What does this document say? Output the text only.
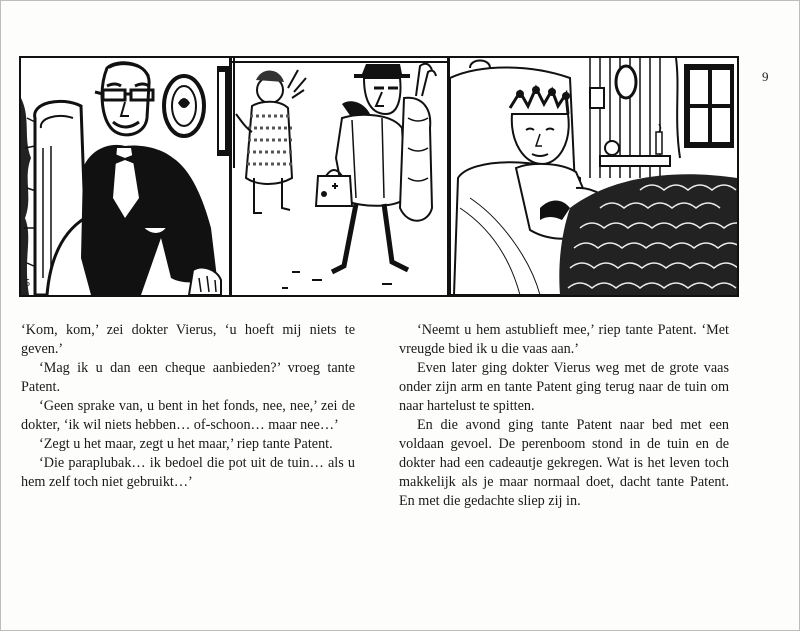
9
5

‘Kom, kom,’ zei dokter Vierus, ‘u hoeft mij niets te geven.’

‘Mag ik u dan een cheque aanbieden?’ vroeg tante Patent.

‘Geen sprake van, u bent in het fonds, nee, nee,’ zei de dokter, ‘ik wil niets hebben… of-schoon… maar nee…’

‘Zegt u het maar, zegt u het maar,’ riep tante Patent.

‘Die paraplubak… ik bedoel die pot uit de tuin… als u hem zelf toch niet gebruikt…’

‘Neemt u hem astublieft mee,’ riep tante Patent. ‘Met vreugde bied ik u die vaas aan.’

Even later ging dokter Vierus weg met de grote vaas onder zijn arm en tante Patent ging terug naar de tuin om naar hartelust te spitten.

En die avond ging tante Patent naar bed met een voldaan gevoel. De perenboom stond in de tuin en de dokter had een cadeautje gekregen. Wat is het leven toch makkelijk als je maar normaal doet, dacht tante Patent. En met die gedachte sliep zij in.
